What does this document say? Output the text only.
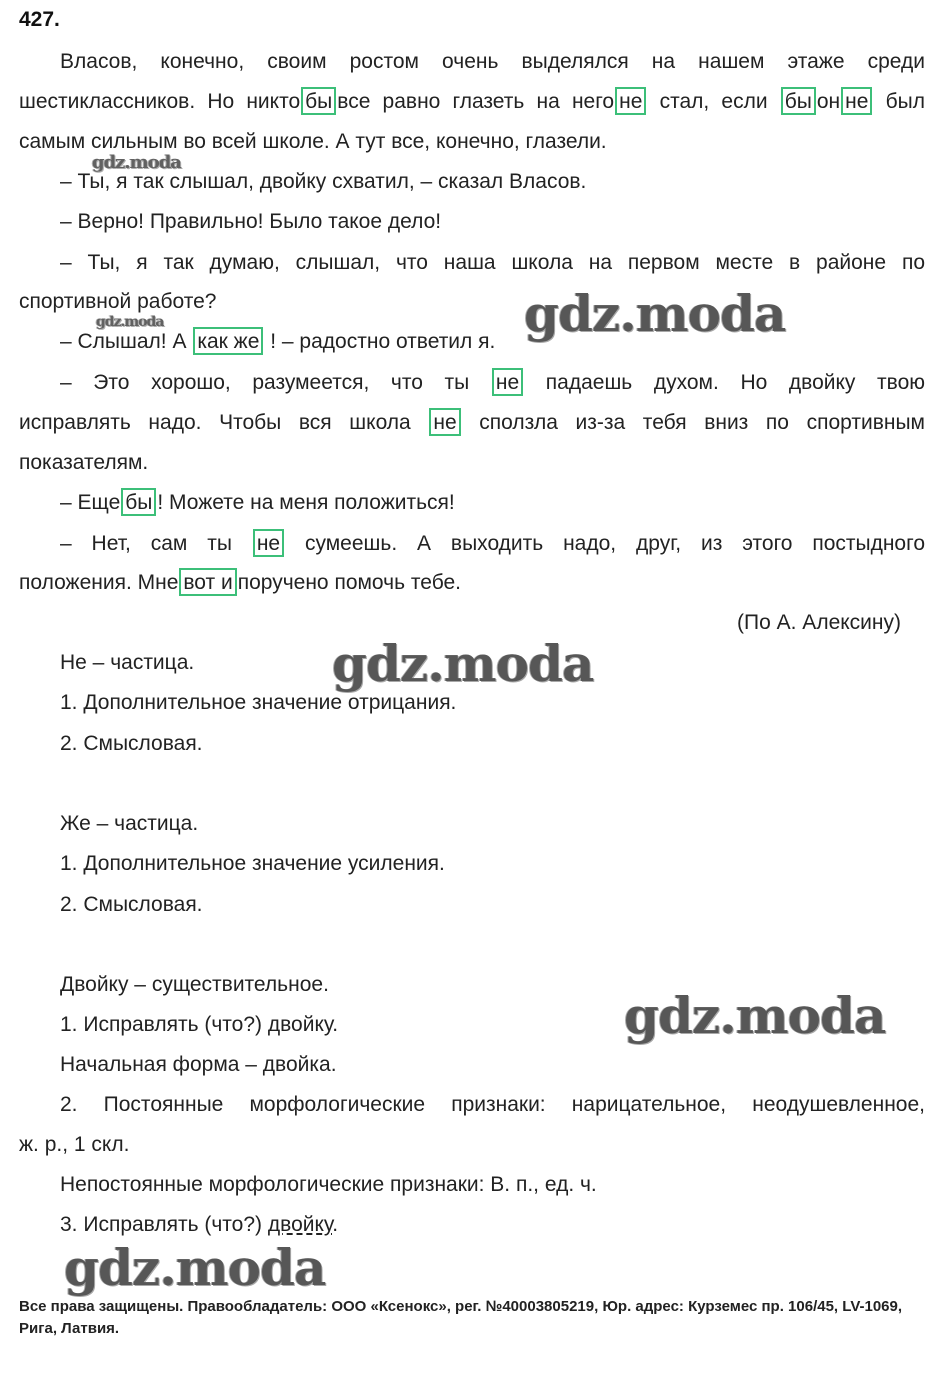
427.
Власов, конечно, своим ростом очень выделялся на нашем этаже среди
шестиклассников. Но никто бы все равно глазеть на него не стал, если бы он не был
самым сильным во всей школе. А тут все, конечно, глазели.
– Ты, я так слышал, двойку схватил, – сказал Власов.
– Верно! Правильно! Было такое дело!
– Ты, я так думаю, слышал, что наша школа на первом месте в районе по
спортивной работе?
– Слышал! А как же ! – радостно ответил я.
– Это хорошо, разумеется, что ты не падаешь духом. Но двойку твою
исправлять надо. Чтобы вся школа не сползла из-за тебя вниз по спортивным
показателям.
– Еще бы ! Можете на меня положиться!
– Нет, сам ты не сумеешь. А выходить надо, друг, из этого постыдного
положения. Мне вот и поручено помочь тебе.
(По А. Алексину)
Не – частица.
1. Дополнительное значение отрицания.
2. Смысловая.
Же – частица.
1. Дополнительное значение усиления.
2. Смысловая.
Двойку – существительное.
1. Исправлять (что?) двойку.
Начальная форма – двойка.
2. Постоянные морфологические признаки: нарицательное, неодушевленное,
ж. р., 1 скл.
Непостоянные морфологические признаки: В. п., ед. ч.
3. Исправлять (что?) двойку.
gdz.moda
gdz.moda	gdz.moda
gdz.moda
gdz.moda
gdz.moda
Все права защищены. Правообладатель: ООО «Ксенокс», рег. №40003805219, Юр. адрес: Курземес пр. 106/45, LV-1069, Рига, Латвия.
